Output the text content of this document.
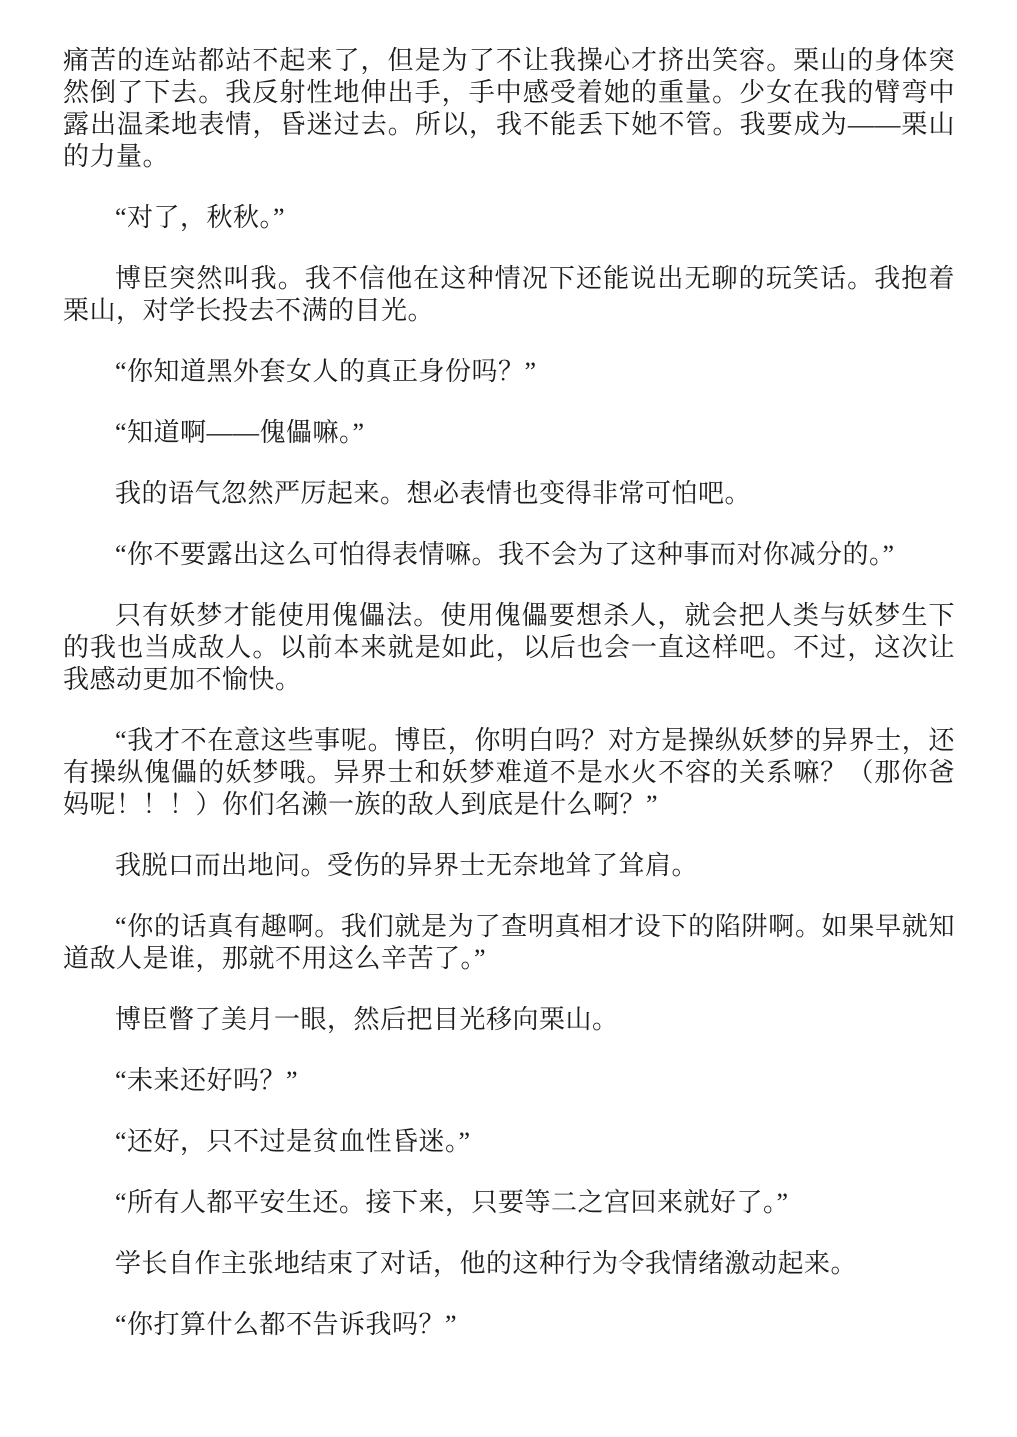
痛苦的连站都站不起来了，但是为了不让我操心才挤出笑容。栗山的身体突然倒了下去。我反射性地伸出手，手中感受着她的重量。少女在我的臂弯中露出温柔地表情，昏迷过去。所以，我不能丢下她不管。我要成为——栗山的力量。

“对了，秋秋。”

博臣突然叫我。我不信他在这种情况下还能说出无聊的玩笑话。我抱着栗山，对学长投去不满的目光。

“你知道黑外套女人的真正身份吗？”

“知道啊——傀儡嘛。”

我的语气忽然严厉起来。想必表情也变得非常可怕吧。

“你不要露出这么可怕得表情嘛。我不会为了这种事而对你减分的。”

只有妖梦才能使用傀儡法。使用傀儡要想杀人，就会把人类与妖梦生下的我也当成敌人。以前本来就是如此，以后也会一直这样吧。不过，这次让我感动更加不愉快。

“我才不在意这些事呢。博臣，你明白吗？对方是操纵妖梦的异界士，还有操纵傀儡的妖梦哦。异界士和妖梦难道不是水火不容的关系嘛？（那你爸妈呢！！！）你们名濑一族的敌人到底是什么啊？”

我脱口而出地问。受伤的异界士无奈地耸了耸肩。

“你的话真有趣啊。我们就是为了查明真相才设下的陷阱啊。如果早就知道敌人是谁，那就不用这么辛苦了。”

博臣瞥了美月一眼，然后把目光移向栗山。

“未来还好吗？”

“还好，只不过是贫血性昏迷。”

“所有人都平安生还。接下来，只要等二之宫回来就好了。”

学长自作主张地结束了对话，他的这种行为令我情绪激动起来。

“你打算什么都不告诉我吗？”
